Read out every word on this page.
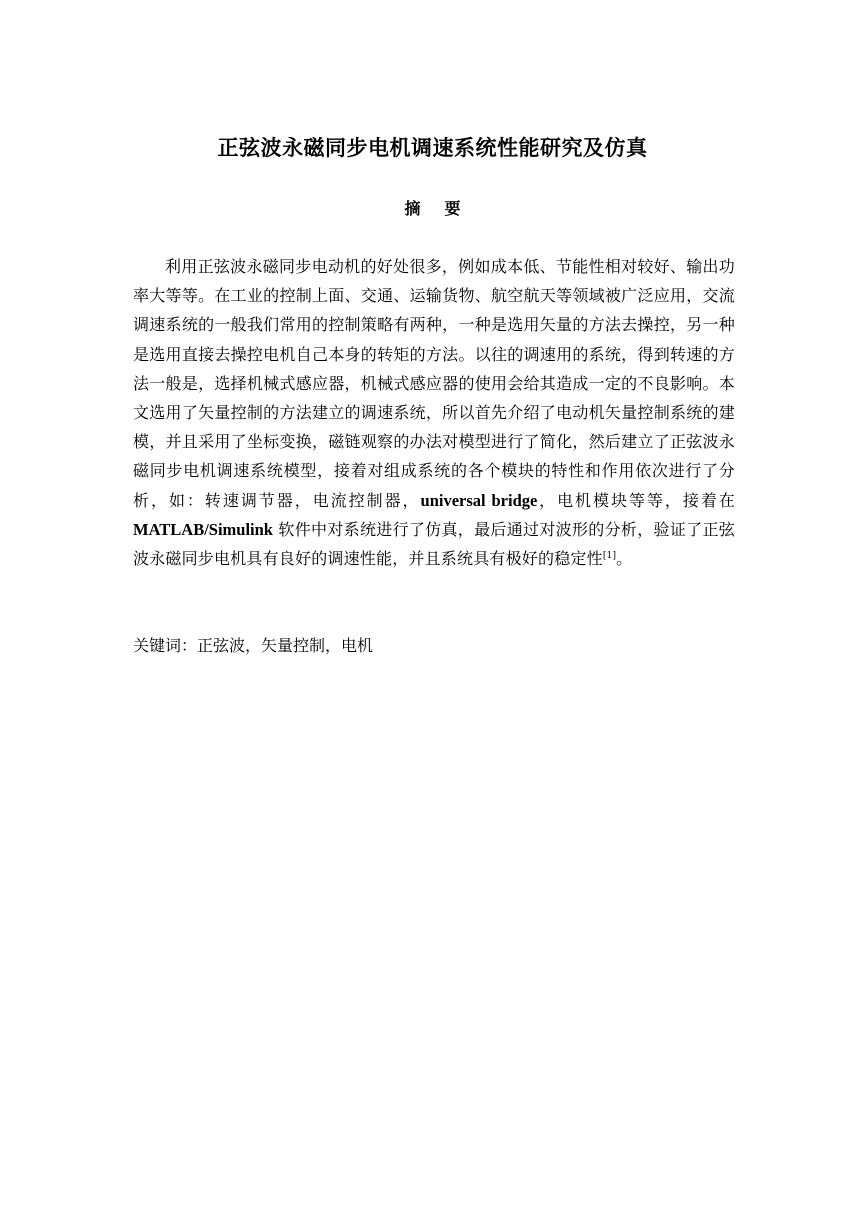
正弦波永磁同步电机调速系统性能研究及仿真
摘 要

利用正弦波永磁同步电动机的好处很多，例如成本低、节能性相对较好、输出功率大等等。在工业的控制上面、交通、运输货物、航空航天等领域被广泛应用，交流调速系统的一般我们常用的控制策略有两种，一种是选用矢量的方法去操控，另一种是选用直接去操控电机自己本身的转矩的方法。以往的调速用的系统，得到转速的方法一般是，选择机械式感应器，机械式感应器的使用会给其造成一定的不良影响。本文选用了矢量控制的方法建立的调速系统，所以首先介绍了电动机矢量控制系统的建模，并且采用了坐标变换，磁链观察的办法对模型进行了简化，然后建立了正弦波永磁同步电机调速系统模型，接着对组成系统的各个模块的特性和作用依次进行了分析，如：转速调节器，电流控制器，universal bridge，电机模块等等，接着在 MATLAB/Simulink 软件中对系统进行了仿真，最后通过对波形的分析，验证了正弦波永磁同步电机具有良好的调速性能，并且系统具有极好的稳定性[1]。

关键词：正弦波，矢量控制，电机
